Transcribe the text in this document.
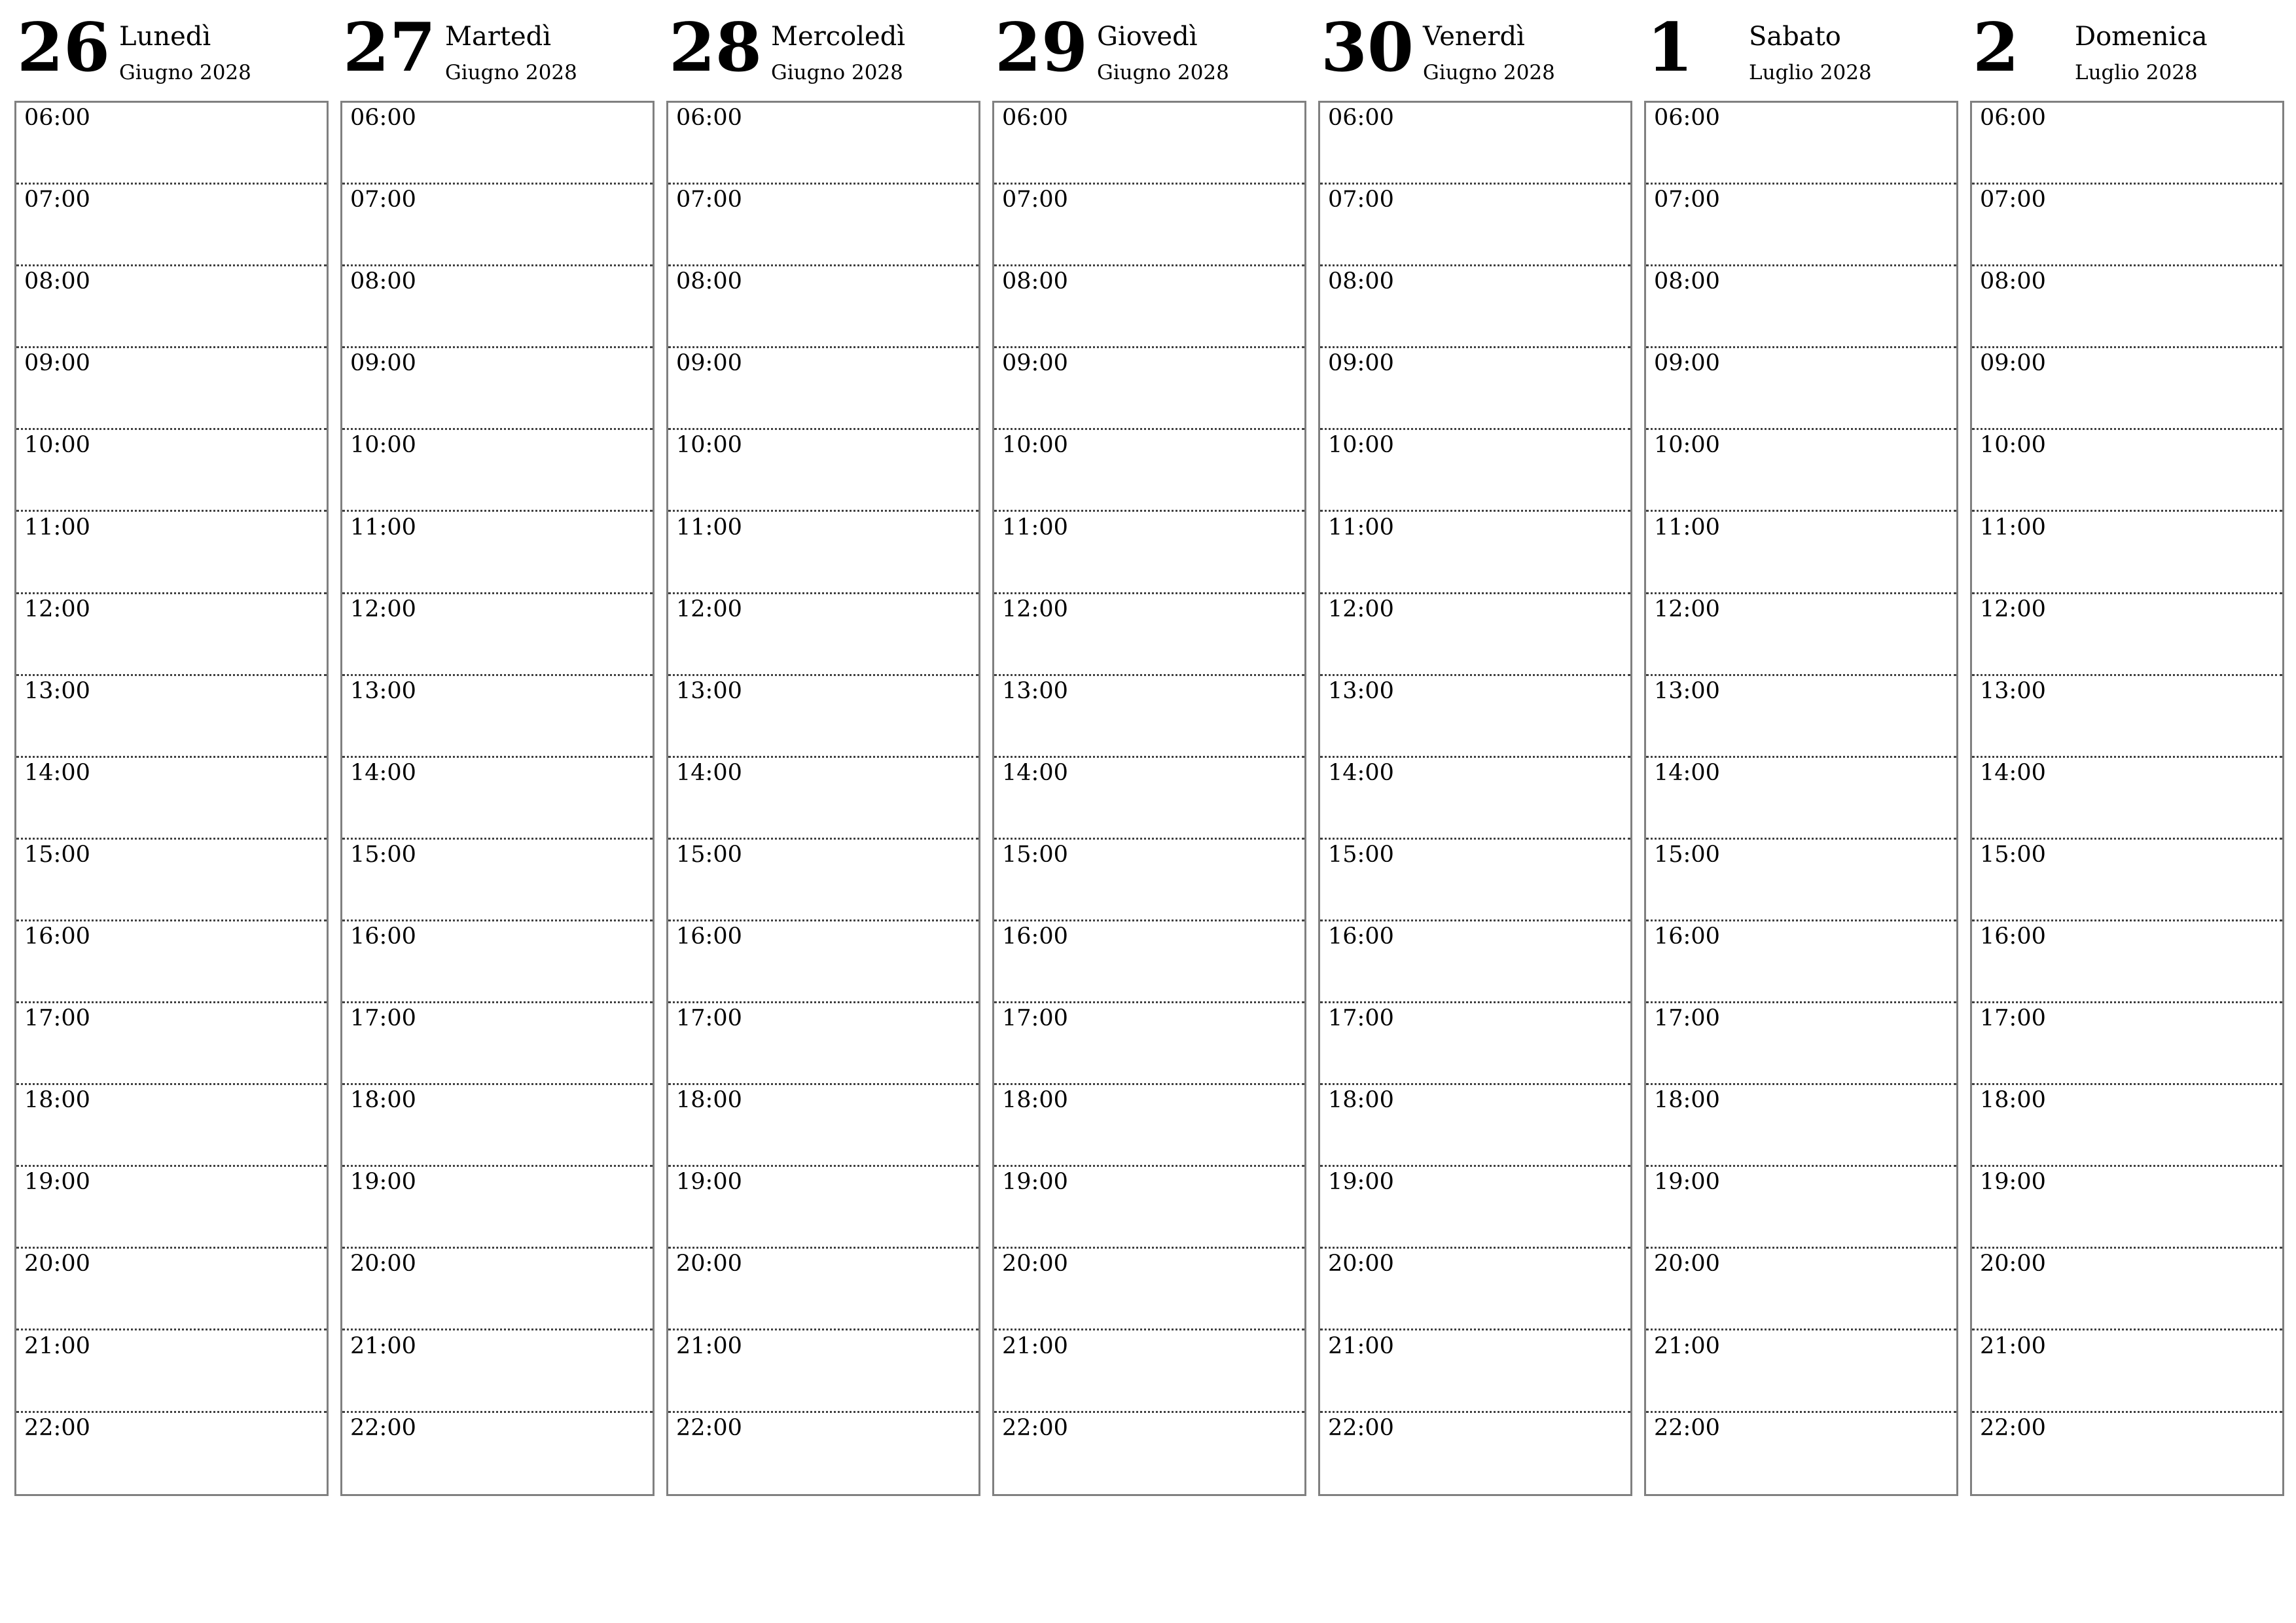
26 Lunedì
Giugno 2028
06:00
07:00
08:00
09:00
10:00
11:00
12:00
13:00
14:00
15:00
16:00
17:00
18:00
19:00
20:00
21:00
22:00
27 Martedì
Giugno 2028
06:00
07:00
08:00
09:00
10:00
11:00
12:00
13:00
14:00
15:00
16:00
17:00
18:00
19:00
20:00
21:00
22:00
28 Mercoledì
Giugno 2028
06:00
07:00
08:00
09:00
10:00
11:00
12:00
13:00
14:00
15:00
16:00
17:00
18:00
19:00
20:00
21:00
22:00
29 Giovedì
Giugno 2028
06:00
07:00
08:00
09:00
10:00
11:00
12:00
13:00
14:00
15:00
16:00
17:00
18:00
19:00
20:00
21:00
22:00
30 Venerdì
Giugno 2028
06:00
07:00
08:00
09:00
10:00
11:00
12:00
13:00
14:00
15:00
16:00
17:00
18:00
19:00
20:00
21:00
22:00
1 Sabato
Luglio 2028
06:00
07:00
08:00
09:00
10:00
11:00
12:00
13:00
14:00
15:00
16:00
17:00
18:00
19:00
20:00
21:00
22:00
2 Domenica
Luglio 2028
06:00
07:00
08:00
09:00
10:00
11:00
12:00
13:00
14:00
15:00
16:00
17:00
18:00
19:00
20:00
21:00
22:00
